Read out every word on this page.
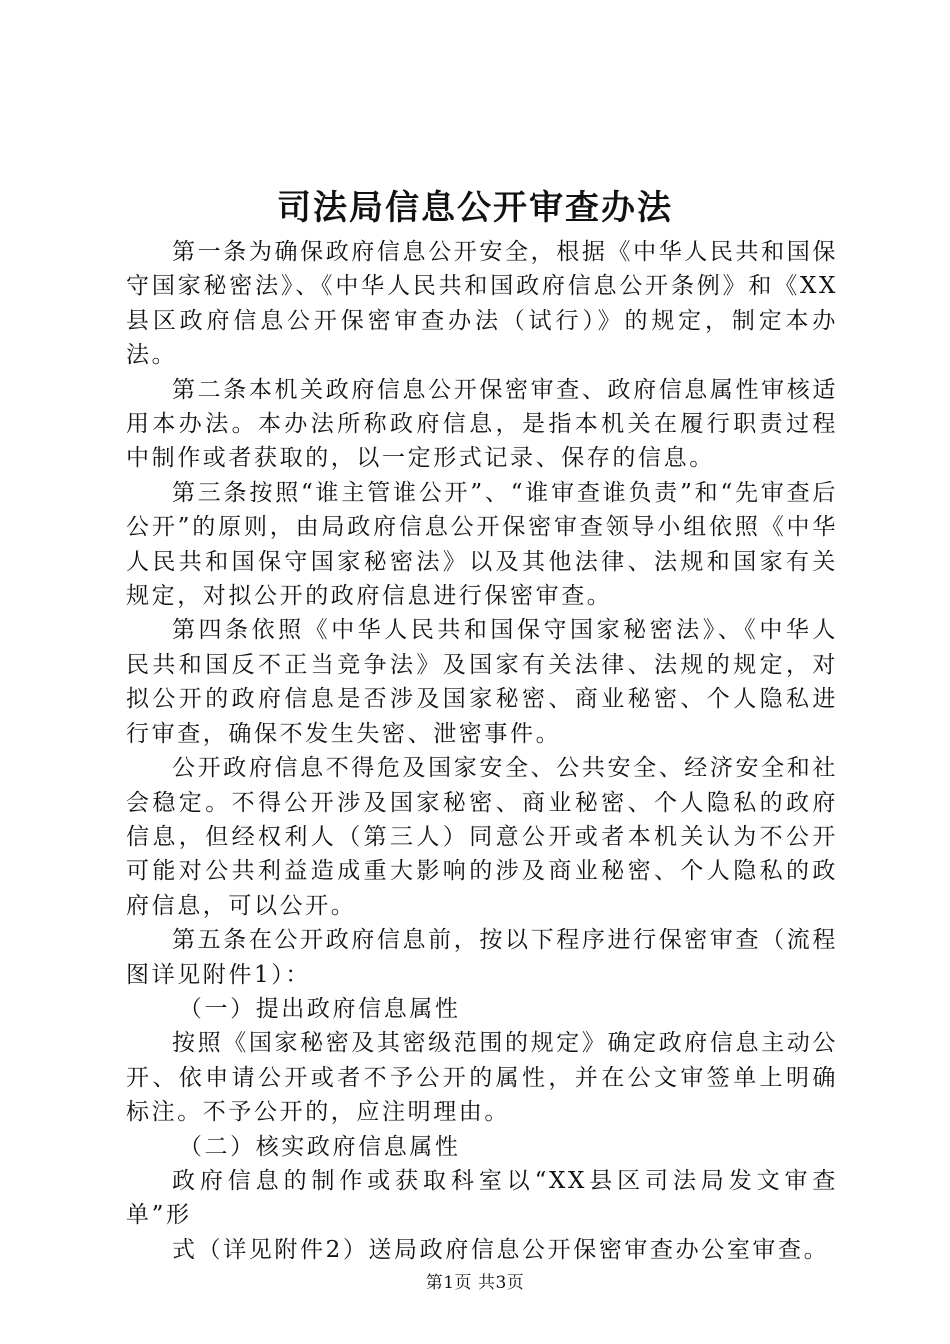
司法局信息公开审查办法

第一条为确保政府信息公开安全，根据《中华人民共和国保守国家秘密法》、《中华人民共和国政府信息公开条例》和《XX县区政府信息公开保密审查办法（试行）》的规定，制定本办法。

第二条本机关政府信息公开保密审查、政府信息属性审核适用本办法。本办法所称政府信息，是指本机关在履行职责过程中制作或者获取的，以一定形式记录、保存的信息。

第三条按照“谁主管谁公开”、“谁审查谁负责”和“先审查后公开”的原则，由局政府信息公开保密审查领导小组依照《中华人民共和国保守国家秘密法》以及其他法律、法规和国家有关规定，对拟公开的政府信息进行保密审查。

第四条依照《中华人民共和国保守国家秘密法》、《中华人民共和国反不正当竞争法》及国家有关法律、法规的规定，对拟公开的政府信息是否涉及国家秘密、商业秘密、个人隐私进行审查，确保不发生失密、泄密事件。

公开政府信息不得危及国家安全、公共安全、经济安全和社会稳定。不得公开涉及国家秘密、商业秘密、个人隐私的政府信息，但经权利人（第三人）同意公开或者本机关认为不公开可能对公共利益造成重大影响的涉及商业秘密、个人隐私的政府信息，可以公开。

第五条在公开政府信息前，按以下程序进行保密审查（流程图详见附件1）：

（一）提出政府信息属性

按照《国家秘密及其密级范围的规定》确定政府信息主动公开、依申请公开或者不予公开的属性，并在公文审签单上明确标注。不予公开的，应注明理由。

（二）核实政府信息属性

政府信息的制作或获取科室以“XX县区司法局发文审查单”形

式（详见附件2）送局政府信息公开保密审查办公室审查。

第1页 共3页
